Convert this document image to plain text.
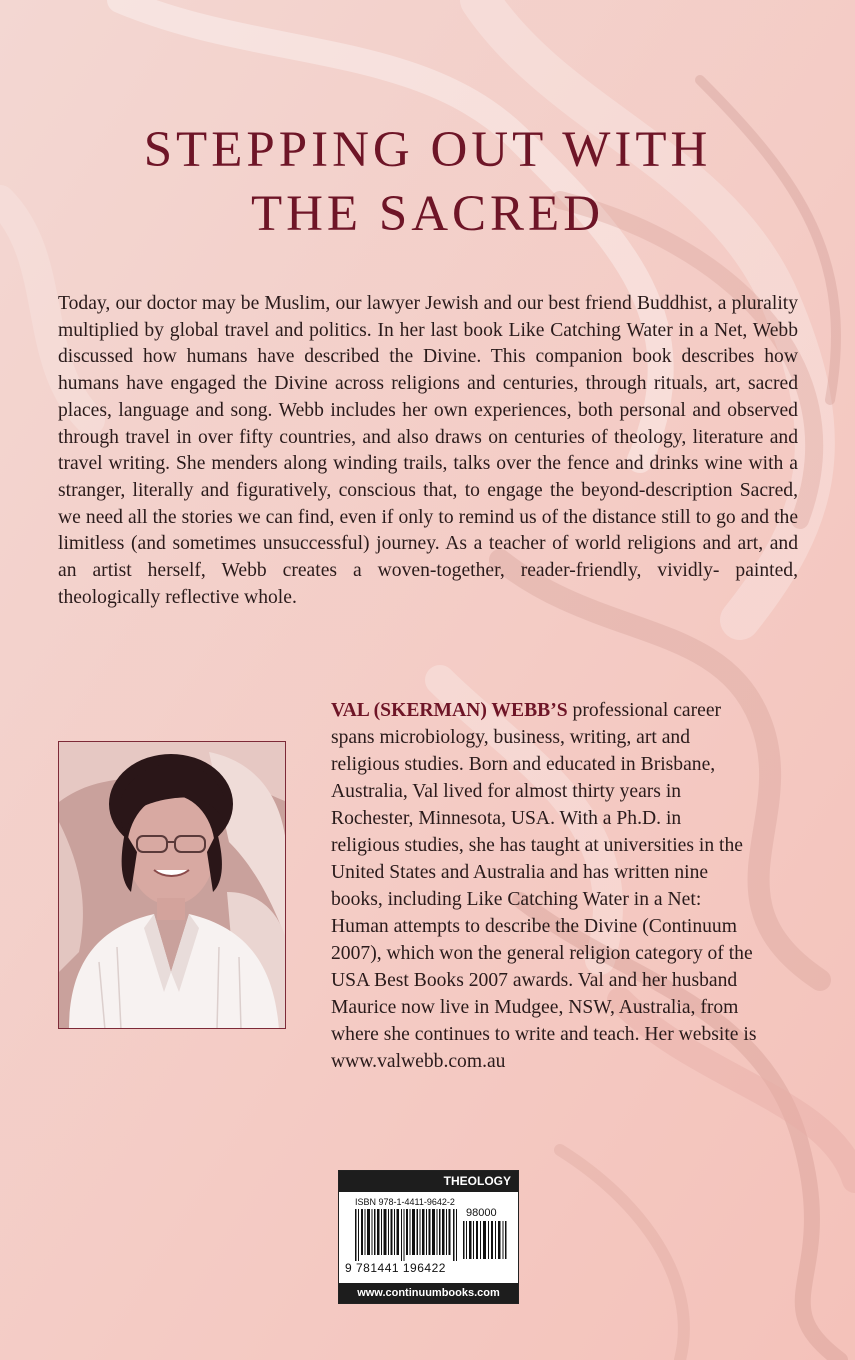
STEPPING OUT WITH
THE SACRED

Today, our doctor may be Muslim, our lawyer Jewish and our best friend Buddhist, a plurality multiplied by global travel and politics. In her last book Like Catching Water in a Net, Webb discussed how humans have described the Divine. This companion book describes how humans have engaged the Divine across religions and centuries, through rituals, art, sacred places, language and song. Webb includes her own experiences, both personal and observed through travel in over fifty countries, and also draws on centuries of theology, literature and travel writing. She menders along winding trails, talks over the fence and drinks wine with a stranger, literally and figuratively, conscious that, to engage the beyond-description Sacred, we need all the stories we can find, even if only to remind us of the distance still to go and the limitless (and sometimes unsuccessful) journey. As a teacher of world religions and art, and an artist herself, Webb creates a woven-together, reader-friendly, vividly- painted, theologically reflective whole.

VAL (SKERMAN) WEBB’S professional career
spans microbiology, business, writing, art and
religious studies. Born and educated in Brisbane,
Australia, Val lived for almost thirty years in
Rochester, Minnesota, USA. With a Ph.D. in
religious studies, she has taught at universities in the
United States and Australia and has written nine
books, including Like Catching Water in a Net:
Human attempts to describe the Divine (Continuum
2007), which won the general religion category of the
USA Best Books 2007 awards. Val and her husband
Maurice now live in Mudgee, NSW, Australia, from
where she continues to write and teach. Her website is
www.valwebb.com.au

THEOLOGY
ISBN 978-1-4411-9642-2
98000
9 781441 196422
www.continuumbooks.com
